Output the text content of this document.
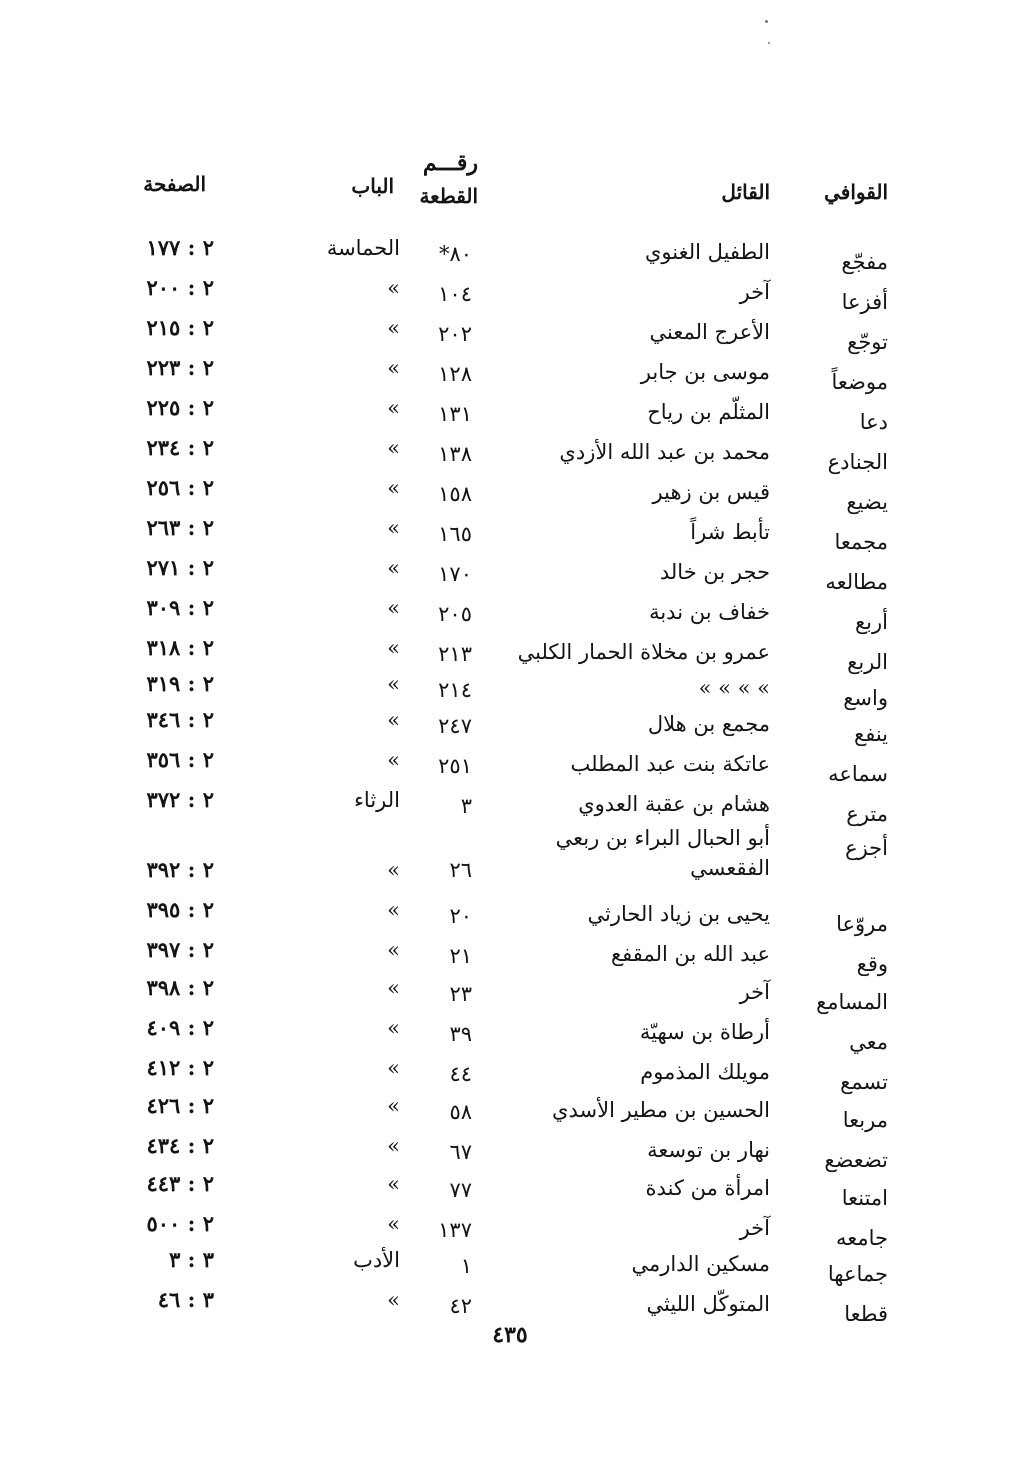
القوافي
القائل
رقـــم
القطعة
الباب
الصفحة
مفجّع
الطفيل الغنوي
٨٠*
الحماسة
٢ : ١٧٧
أفزعا
آخر
١٠٤
»
٢ : ٢٠٠
توجّع
الأعرج المعني
٢٠٢
»
٢ : ٢١٥
موضعاً
موسى بن جابر
١٢٨
»
٢ : ٢٢٣
دعا
المثلّم بن رياح
١٣١
»
٢ : ٢٢٥
الجنادع
محمد بن عبد الله الأزدي
١٣٨
»
٢ : ٢٣٤
يضيع
قيس بن زهير
١٥٨
»
٢ : ٢٥٦
مجمعا
تأبط شراً
١٦٥
»
٢ : ٢٦٣
مطالعه
حجر بن خالد
١٧٠
»
٢ : ٢٧١
أربع
خفاف بن ندبة
٢٠٥
»
٢ : ٣٠٩
الربع
عمرو بن مخلاة الحمار الكلبي
٢١٣
»
٢ : ٣١٨
واسع
» » » »
٢١٤
»
٢ : ٣١٩
ينفع
مجمع بن هلال
٢٤٧
»
٢ : ٣٤٦
سماعه
عاتكة بنت عبد المطلب
٢٥١
»
٢ : ٣٥٦
مترع
هشام بن عقبة العدوي
٣
الرثاء
٢ : ٣٧٢
أجزع
أبو الحبال البراء بن ربعي
الفقعسي
٢٦
»
٢ : ٣٩٢
مروّعا
يحيى بن زياد الحارثي
٢٠
»
٢ : ٣٩٥
وقع
عبد الله بن المقفع
٢١
»
٢ : ٣٩٧
المسامع
آخر
٢٣
»
٢ : ٣٩٨
معي
أرطاة بن سهيّة
٣٩
»
٢ : ٤٠٩
تسمع
مويلك المذموم
٤٤
»
٢ : ٤١٢
مربعا
الحسين بن مطير الأسدي
٥٨
»
٢ : ٤٢٦
تضعضع
نهار بن توسعة
٦٧
»
٢ : ٤٣٤
امتنعا
امرأة من كندة
٧٧
»
٢ : ٤٤٣
جامعه
آخر
١٣٧
»
٢ : ٥٠٠
جماعها
مسكين الدارمي
١
الأدب
٣ : ٣
قطعا
المتوكّل الليثي
٤٢
»
٣ : ٤٦
٤٣٥
